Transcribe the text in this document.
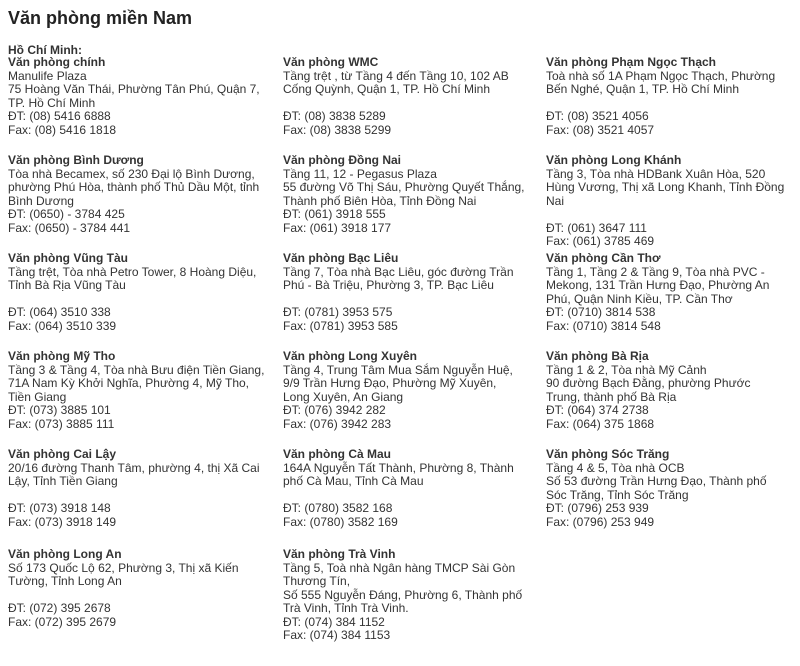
Văn phòng miền Nam
Hồ Chí Minh:
Văn phòng chính
Manulife Plaza
75 Hoàng Văn Thái, Phường Tân Phú, Quận 7, TP. Hồ Chí Minh
ĐT: (08) 5416 6888
Fax: (08) 5416 1818
Văn phòng WMC
Tầng trệt , từ Tầng 4 đến Tầng 10, 102 AB Cống Quỳnh, Quận 1, TP. Hồ Chí Minh
ĐT: (08) 3838 5289
Fax: (08) 3838 5299
Văn phòng Phạm Ngọc Thạch
Toà nhà số 1A Phạm Ngọc Thạch, Phường Bến Nghé, Quận 1, TP. Hồ Chí Minh
ĐT: (08) 3521 4056
Fax: (08) 3521 4057
Văn phòng Bình Dương
Tòa nhà Becamex, số 230 Đại lộ Bình Dương, phường Phú Hòa, thành phố Thủ Dầu Một, tỉnh Bình Dương
ĐT: (0650) - 3784 425
Fax: (0650) - 3784 441
Văn phòng Đồng Nai
Tầng 11, 12 - Pegasus Plaza
55 đường Võ Thị Sáu, Phường Quyết Thắng, Thành phố Biên Hòa, Tỉnh Đồng Nai
ĐT: (061) 3918 555
Fax: (061) 3918 177
Văn phòng Long Khánh
Tầng 3, Tòa nhà HDBank Xuân Hòa, 520 Hùng Vương, Thị xã Long Khanh, Tỉnh Đồng Nai
ĐT: (061) 3647 111
Fax: (061) 3785 469
Văn phòng Vũng Tàu
Tầng trệt, Tòa nhà Petro Tower, 8 Hoàng Diệu, Tỉnh Bà Rịa Vũng Tàu
ĐT: (064) 3510 338
Fax: (064) 3510 339
Văn phòng Bạc Liêu
Tầng 7, Tòa nhà Bạc Liêu, góc đường Trần Phú - Bà Triệu, Phường 3, TP. Bạc Liêu
ĐT: (0781) 3953 575
Fax: (0781) 3953 585
Văn phòng Cần Thơ
Tầng 1, Tầng 2 & Tầng 9, Tòa nhà PVC - Mekong, 131 Trần Hưng Đạo, Phường An Phú, Quận Ninh Kiều, TP. Cần Thơ
ĐT: (0710) 3814 538
Fax: (0710) 3814 548
Văn phòng Mỹ Tho
Tầng 3 & Tầng 4, Tòa nhà Bưu điện Tiền Giang, 71A Nam Kỳ Khởi Nghĩa, Phường 4, Mỹ Tho, Tiền Giang
ĐT: (073) 3885 101
Fax: (073) 3885 111
Văn phòng Long Xuyên
Tầng 4, Trung Tâm Mua Sắm Nguyễn Huệ, 9/9 Trần Hưng Đạo, Phường Mỹ Xuyên, Long Xuyên, An Giang
ĐT: (076) 3942 282
Fax: (076) 3942 283
Văn phòng Bà Rịa
Tầng 1 & 2, Tòa nhà Mỹ Cảnh
90 đường Bạch Đằng, phường Phước Trung, thành phố Bà Rịa
ĐT: (064) 374 2738
Fax: (064) 375 1868
Văn phòng Cai Lậy
20/16 đường Thanh Tâm, phường 4, thị Xã Cai Lậy, Tỉnh Tiền Giang
ĐT: (073) 3918 148
Fax: (073) 3918 149
Văn phòng Cà Mau
164A Nguyễn Tất Thành, Phường 8, Thành phố Cà Mau, Tỉnh Cà Mau
ĐT: (0780) 3582 168
Fax: (0780) 3582 169
Văn phòng Sóc Trăng
Tầng 4 & 5, Tòa nhà OCB
Số 53 đường Trần Hưng Đạo, Thành phố Sóc Trăng, Tỉnh Sóc Trăng
ĐT: (0796) 253 939
Fax: (0796) 253 949
Văn phòng Long An
Số 173 Quốc Lộ 62, Phường 3, Thị xã Kiến Tường, Tỉnh Long An
ĐT: (072) 395 2678
Fax: (072) 395 2679
Văn phòng Trà Vinh
Tầng 5, Toà nhà Ngân hàng TMCP Sài Gòn Thương Tín,
Số 555 Nguyễn Đáng, Phường 6, Thành phố Trà Vinh, Tỉnh Trà Vinh.
ĐT: (074) 384 1152
Fax: (074) 384 1153
